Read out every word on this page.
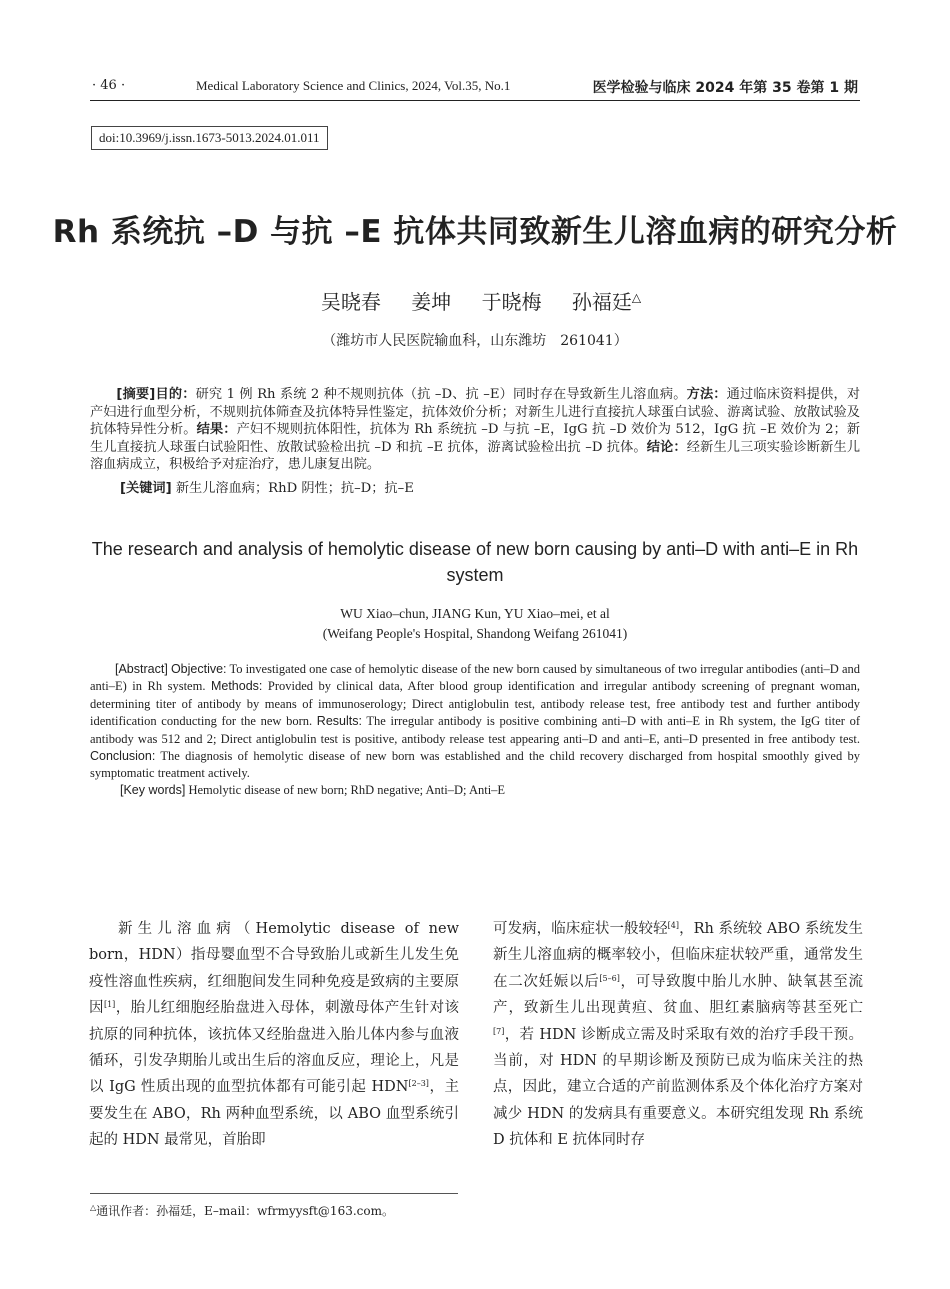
· 46 ·	Medical Laboratory Science and Clinics, 2024, Vol.35, No.1	医学检验与临床 2024 年第 35 卷第 1 期
doi:10.3969/j.issn.1673-5013.2024.01.011
Rh 系统抗 –D 与抗 –E 抗体共同致新生儿溶血病的研究分析
吴晓春 姜坤 于晓梅 孙福廷△
（潍坊市人民医院输血科，山东潍坊　261041）
[摘要]目的：研究 1 例 Rh 系统 2 种不规则抗体（抗 –D、抗 –E）同时存在导致新生儿溶血病。方法：通过临床资料提供，对产妇进行血型分析，不规则抗体筛查及抗体特异性鉴定，抗体效价分析；对新生儿进行直接抗人球蛋白试验、游离试验、放散试验及抗体特异性分析。结果：产妇不规则抗体阳性，抗体为 Rh 系统抗 –D 与抗 –E，IgG 抗 –D 效价为 512，IgG 抗 –E 效价为 2；新生儿直接抗人球蛋白试验阳性、放散试验检出抗 –D 和抗 –E 抗体，游离试验检出抗 –D 抗体。结论：经新生儿三项实验诊断新生儿溶血病成立，积极给予对症治疗，患儿康复出院。
[关键词] 新生儿溶血病；RhD 阴性；抗–D；抗–E
The research and analysis of hemolytic disease of new born causing by anti–D with anti–E in Rh system
WU Xiao–chun, JIANG Kun, YU Xiao–mei, et al
(Weifang People's Hospital, Shandong Weifang 261041)
[Abstract] Objective: To investigated one case of hemolytic disease of the new born caused by simultaneous of two irregular antibodies (anti–D and anti–E) in Rh system. Methods: Provided by clinical data, After blood group identification and irregular antibody screening of pregnant woman, determining titer of antibody by means of immunoserology; Direct antiglobulin test, antibody release test, free antibody test and further antibody identification conducting for the new born. Results: The irregular antibody is positive combining anti–D with anti–E in Rh system, the IgG titer of antibody was 512 and 2; Direct antiglobulin test is positive, antibody release test appearing anti–D and anti–E, anti–D presented in free antibody test. Conclusion: The diagnosis of hemolytic disease of new born was established and the child recovery discharged from hospital smoothly gived by symptomatic treatment actively.
[Key words] Hemolytic disease of new born; RhD negative; Anti–D; Anti–E

新生儿溶血病（Hemolytic disease of new born，HDN）指母婴血型不合导致胎儿或新生儿发生免疫性溶血性疾病，红细胞间发生同种免疫是致病的主要原因[1]，胎儿红细胞经胎盘进入母体，刺激母体产生针对该抗原的同种抗体，该抗体又经胎盘进入胎儿体内参与血液循环，引发孕期胎儿或出生后的溶血反应，理论上，凡是以 IgG 性质出现的血型抗体都有可能引起 HDN[2–3]，主要发生在 ABO，Rh 两种血型系统，以 ABO 血型系统引起的 HDN 最常见，首胎即

可发病，临床症状一般较轻[4]，Rh 系统较 ABO 系统发生新生儿溶血病的概率较小，但临床症状较严重，通常发生在二次妊娠以后[5–6]，可导致腹中胎儿水肿、缺氧甚至流产，致新生儿出现黄疸、贫血、胆红素脑病等甚至死亡[7]，若 HDN 诊断成立需及时采取有效的治疗手段干预。当前，对 HDN 的早期诊断及预防已成为临床关注的热点，因此，建立合适的产前监测体系及个体化治疗方案对减少 HDN 的发病具有重要意义。本研究组发现 Rh 系统 D 抗体和 E 抗体同时存

△通讯作者：孙福廷，E–mail：wfrmyysft@163.com。
